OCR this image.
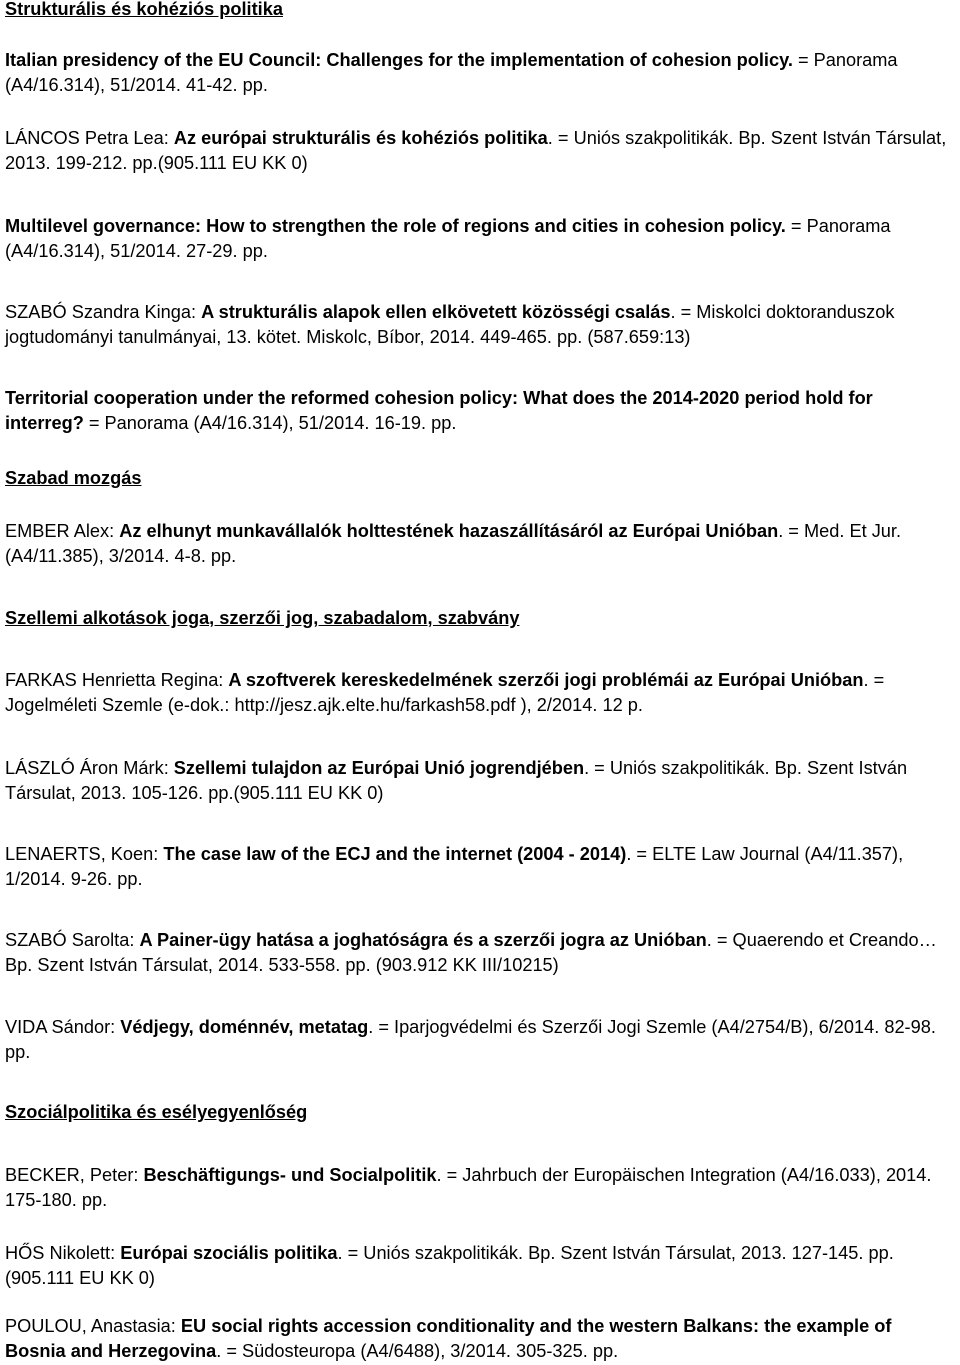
Strukturális és kohéziós politika
Italian presidency of the EU Council: Challenges for the implementation of cohesion policy. = Panorama (A4/16.314), 51/2014. 41-42. pp.
LÁNCOS Petra Lea: Az európai strukturális és kohéziós politika. = Uniós szakpolitikák. Bp. Szent István Társulat, 2013. 199-212. pp.(905.111 EU KK 0)
Multilevel governance: How to strengthen the role of regions and cities in cohesion policy. = Panorama (A4/16.314), 51/2014. 27-29. pp.
SZABÓ Szandra Kinga: A strukturális alapok ellen elkövetett közösségi csalás. = Miskolci doktoranduszok jogtudományi tanulmányai, 13. kötet. Miskolc, Bíbor, 2014. 449-465. pp. (587.659:13)
Territorial cooperation under the reformed cohesion policy: What does the 2014-2020 period hold for interreg? = Panorama (A4/16.314), 51/2014. 16-19. pp.
Szabad mozgás
EMBER Alex: Az elhunyt munkavállalók holttestének hazaszállításáról az Európai Unióban. = Med. Et Jur. (A4/11.385), 3/2014. 4-8. pp.
Szellemi alkotások joga, szerzői jog, szabadalom, szabvány
FARKAS Henrietta Regina: A szoftverek kereskedelmének szerzői jogi problémái az Európai Unióban. = Jogelméleti Szemle (e-dok.: http://jesz.ajk.elte.hu/farkash58.pdf ), 2/2014. 12 p.
LÁSZLÓ Áron Márk: Szellemi tulajdon az Európai Unió jogrendjében. = Uniós szakpolitikák. Bp. Szent István Társulat, 2013. 105-126. pp.(905.111 EU KK 0)
LENAERTS, Koen: The case law of the ECJ and the internet (2004 - 2014). = ELTE Law Journal (A4/11.357), 1/2014. 9-26. pp.
SZABÓ Sarolta: A Painer-ügy hatása a joghatóságra és a szerzői jogra az Unióban. = Quaerendo et Creando… Bp. Szent István Társulat, 2014. 533-558. pp. (903.912 KK III/10215)
VIDA Sándor: Védjegy, doménnév, metatag. = Iparjogvédelmi és Szerzői Jogi Szemle (A4/2754/B), 6/2014. 82-98. pp.
Szociálpolitika és esélyegyenlőség
BECKER, Peter: Beschäftigungs- und Socialpolitik. = Jahrbuch der Europäischen Integration (A4/16.033), 2014. 175-180. pp.
HŐS Nikolett: Európai szociális politika. = Uniós szakpolitikák. Bp. Szent István Társulat, 2013. 127-145. pp.(905.111 EU KK 0)
POULOU, Anastasia: EU social rights accession conditionality and the western Balkans: the example of Bosnia and Herzegovina. = Südosteuropa (A4/6488), 3/2014. 305-325. pp.
